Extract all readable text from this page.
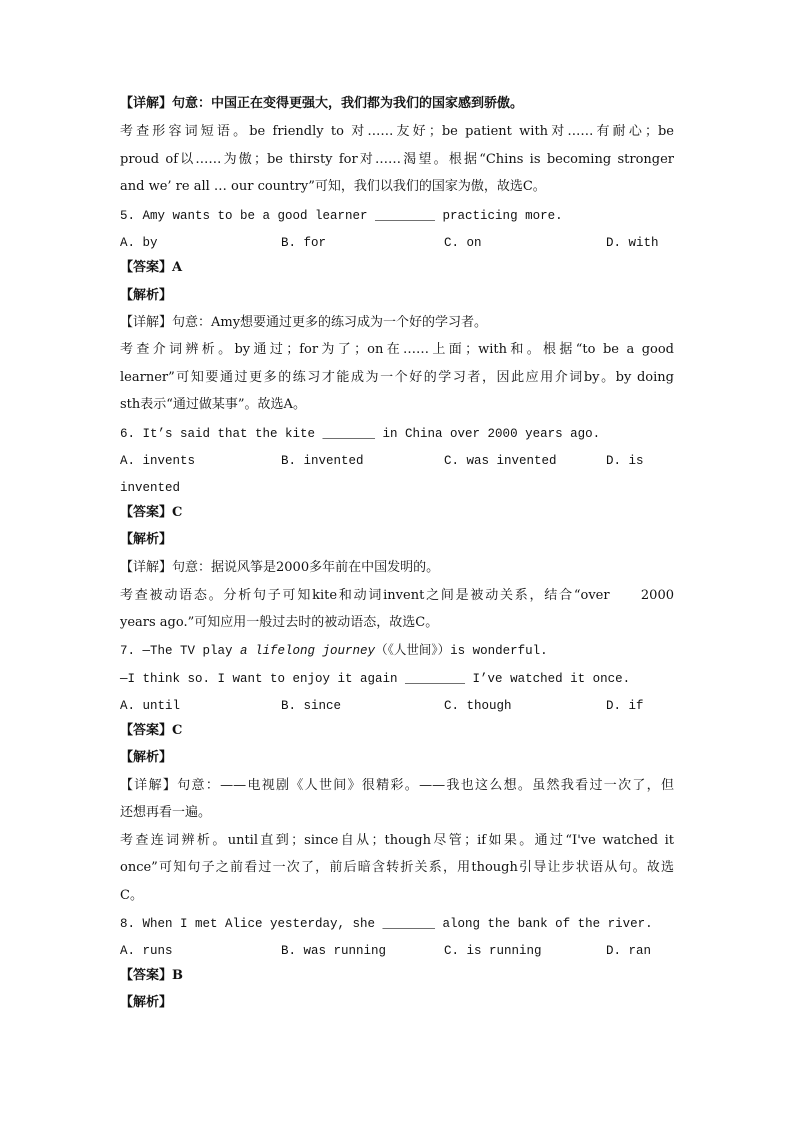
【详解】句意：中国正在变得更强大，我们都为我们的国家感到骄傲。
考查形容词短语。be friendly to 对……友好；be patient with对……有耐心；be
proud of以……为傲；be thirsty for对……渴望。根据“Chins is becoming stronger
and we’ re all … our country”可知，我们以我们的国家为傲，故选C。
5. Amy wants to be a good learner ________ practicing more.
A. by	B. for	C. on	D. with
【答案】A
【解析】
【详解】句意：Amy想要通过更多的练习成为一个好的学习者。
考查介词辨析。by通过；for为了；on在……上面；with和。根据“to be a good
learner”可知要通过更多的练习才能成为一个好的学习者，因此应用介词by。by doing
sth表示“通过做某事”。故选A。
6. It’s said that the kite _______ in China over 2000 years ago.
A. invents	B. invented	C. was invented	D. is
invented
【答案】C
【解析】
【详解】句意：据说风筝是2000多年前在中国发明的。
考查被动语态。分析句子可知kite和动词invent之间是被动关系，结合“over　　2000
years ago.”可知应用一般过去时的被动语态，故选C。
7. —The TV play a lifelong journey（《人世间》）is wonderful.
—I think so. I want to enjoy it again ________ I’ve watched it once.
A. until	B. since	C. though	D. if
【答案】C
【解析】
【详解】句意：——电视剧《人世间》很精彩。——我也这么想。虽然我看过一次了，但
还想再看一遍。
考查连词辨析。until直到；since自从；though尽管；if如果。通过“I've watched it
once”可知句子之前看过一次了，前后暗含转折关系，用though引导让步状语从句。故选
C。
8. When I met Alice yesterday, she _______ along the bank of the river.
A. runs	B. was running	C. is running	D. ran
【答案】B
【解析】
